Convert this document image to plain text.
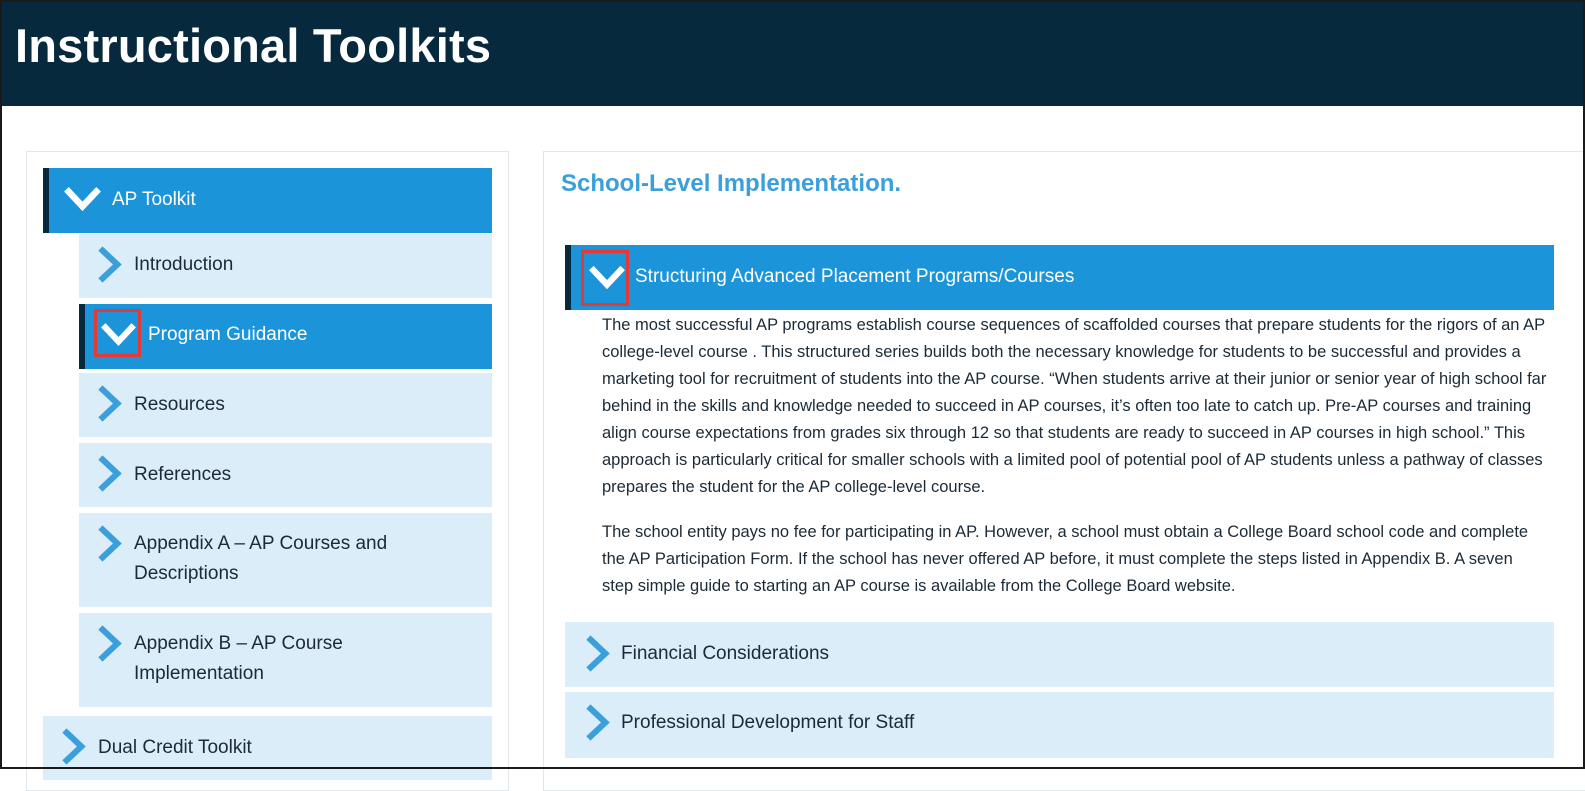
Instructional Toolkits
AP Toolkit
Introduction
Program Guidance
Resources
References
Appendix A – AP Courses and Descriptions
Appendix B – AP Course Implementation
Dual Credit Toolkit
School-Level Implementation.
Structuring Advanced Placement Programs/Courses

The most successful AP programs establish course sequences of scaffolded courses that prepare students for the rigors of an AP college-level course . This structured series builds both the necessary knowledge for students to be successful and provides a marketing tool for recruitment of students into the AP course. “When students arrive at their junior or senior year of high school far behind in the skills and knowledge needed to succeed in AP courses, it’s often too late to catch up. Pre-AP courses and training align course expectations from grades six through 12 so that students are ready to succeed in AP courses in high school.” This approach is particularly critical for smaller schools with a limited pool of potential pool of AP students unless a pathway of classes prepares the student for the AP college-level course.

The school entity pays no fee for participating in AP. However, a school must obtain a College Board school code and complete the AP Participation Form. If the school has never offered AP before, it must complete the steps listed in Appendix B. A seven step simple guide to starting an AP course is available from the College Board website.

Financial Considerations
Professional Development for Staff
